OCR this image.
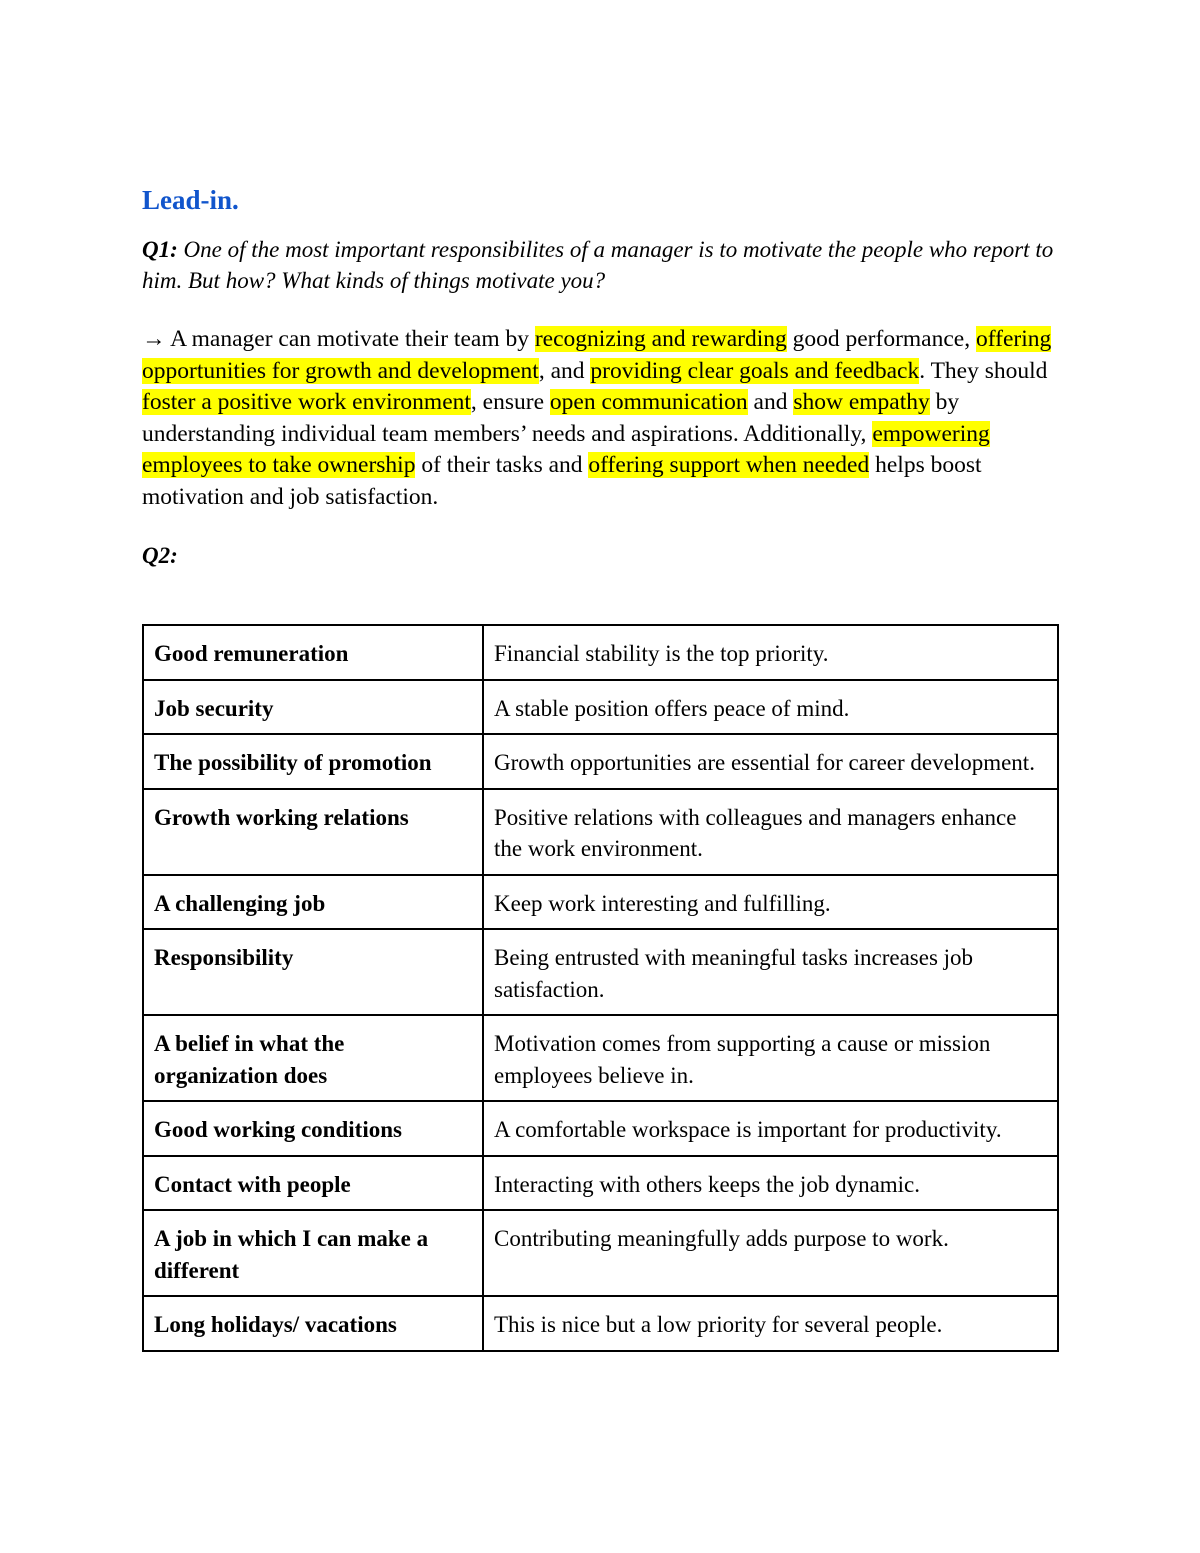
Lead-in.

Q1: One of the most important responsibilites of a manager is to motivate the people who report to him. But how? What kinds of things motivate you?

→ A manager can motivate their team by recognizing and rewarding good performance, offering opportunities for growth and development, and providing clear goals and feedback. They should foster a positive work environment, ensure open communication and show empathy by understanding individual team members’ needs and aspirations. Additionally, empowering employees to take ownership of their tasks and offering support when needed helps boost motivation and job satisfaction.

Q2:

Good remuneration	Financial stability is the top priority.
Job security	A stable position offers peace of mind.
The possibility of promotion	Growth opportunities are essential for career development.
Growth working relations	Positive relations with colleagues and managers enhance the work environment.
A challenging job	Keep work interesting and fulfilling.
Responsibility	Being entrusted with meaningful tasks increases job satisfaction.
A belief in what the organization does	Motivation comes from supporting a cause or mission employees believe in.
Good working conditions	A comfortable workspace is important for productivity.
Contact with people	Interacting with others keeps the job dynamic.
A job in which I can make a different	Contributing meaningfully adds purpose to work.
Long holidays/ vacations	This is nice but a low priority for several people.
